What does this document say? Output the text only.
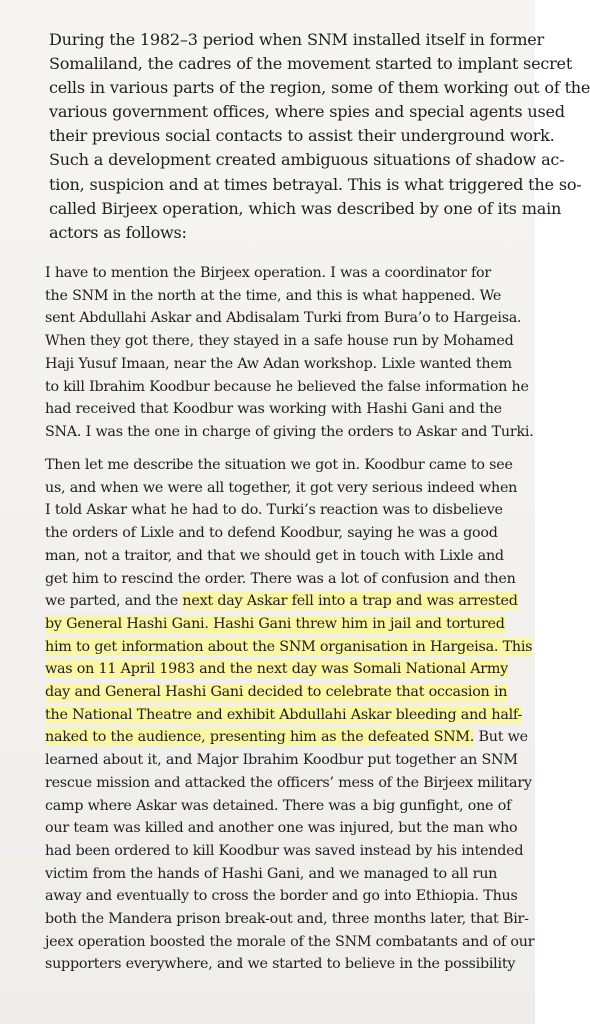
During the 1982–3 period when SNM installed itself in former
Somaliland, the cadres of the movement started to implant secret
cells in various parts of the region, some of them working out of the
various government offices, where spies and special agents used
their previous social contacts to assist their underground work.
Such a development created ambiguous situations of shadow ac-
tion, suspicion and at times betrayal. This is what triggered the so-
called Birjeex operation, which was described by one of its main
actors as follows:
I have to mention the Birjeex operation. I was a coordinator for
the SNM in the north at the time, and this is what happened. We
sent Abdullahi Askar and Abdisalam Turki from Bura’o to Hargeisa.
When they got there, they stayed in a safe house run by Mohamed
Haji Yusuf Imaan, near the Aw Adan workshop. Lixle wanted them
to kill Ibrahim Koodbur because he believed the false information he
had received that Koodbur was working with Hashi Gani and the
SNA. I was the one in charge of giving the orders to Askar and Turki.
Then let me describe the situation we got in. Koodbur came to see
us, and when we were all together, it got very serious indeed when
I told Askar what he had to do. Turki’s reaction was to disbelieve
the orders of Lixle and to defend Koodbur, saying he was a good
man, not a traitor, and that we should get in touch with Lixle and
get him to rescind the order. There was a lot of confusion and then
we parted, and the next day Askar fell into a trap and was arrested
by General Hashi Gani. Hashi Gani threw him in jail and tortured
him to get information about the SNM organisation in Hargeisa. This
was on 11 April 1983 and the next day was Somali National Army
day and General Hashi Gani decided to celebrate that occasion in
the National Theatre and exhibit Abdullahi Askar bleeding and half-
naked to the audience, presenting him as the defeated SNM. But we
learned about it, and Major Ibrahim Koodbur put together an SNM
rescue mission and attacked the officers’ mess of the Birjeex military
camp where Askar was detained. There was a big gunfight, one of
our team was killed and another one was injured, but the man who
had been ordered to kill Koodbur was saved instead by his intended
victim from the hands of Hashi Gani, and we managed to all run
away and eventually to cross the border and go into Ethiopia. Thus
both the Mandera prison break-out and, three months later, that Bir-
jeex operation boosted the morale of the SNM combatants and of our
supporters everywhere, and we started to believe in the possibility
